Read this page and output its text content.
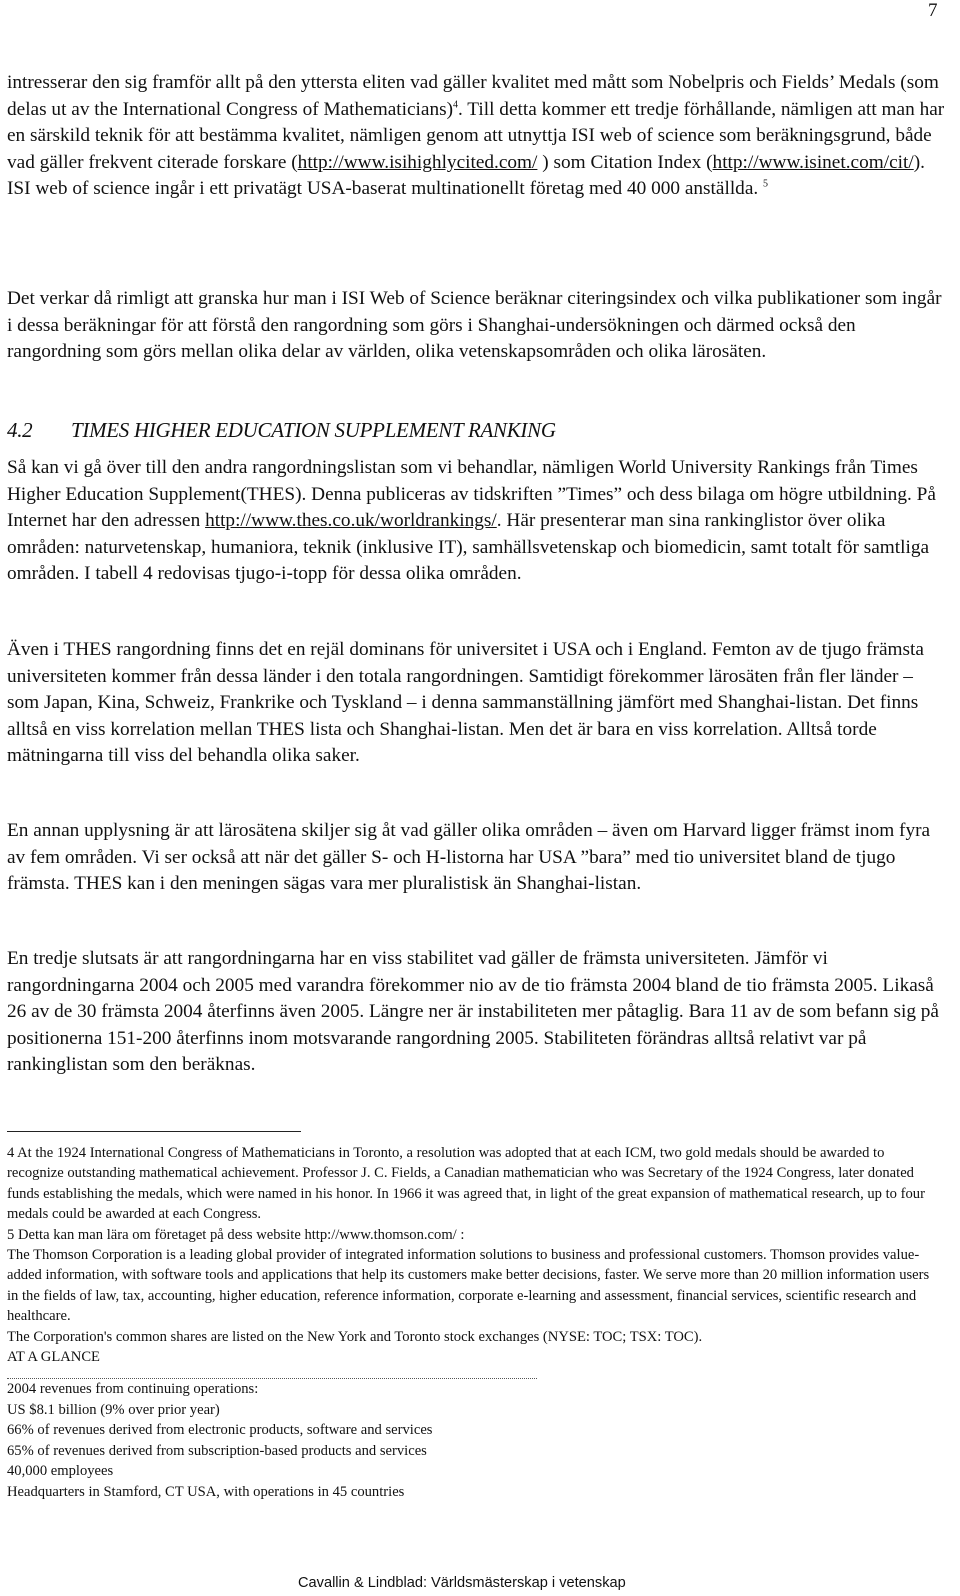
7

intresserar den sig framför allt på den yttersta eliten vad gäller kvalitet med mått som Nobelpris och Fields’ Medals (som delas ut av the International Congress of Mathematicians)$^4$. Till detta kommer ett tredje förhållande, nämligen att man har en särskild teknik för att bestämma kvalitet, nämligen genom att utnyttja ISI web of science som beräkningsgrund, både vad gäller frekvent citerade forskare (http://www.isihighlycited.com/ ) som Citation Index (http://www.isinet.com/cit/). ISI web of science ingår i ett privatägt USA-baserat multinationellt företag med 40 000 anställda. $^5$

Det verkar då rimligt att granska hur man i ISI Web of Science beräknar citeringsindex och vilka publikationer som ingår i dessa beräkningar för att förstå den rangordning som görs i Shanghai-undersökningen och därmed också den rangordning som görs mellan olika delar av världen, olika vetenskapsområden och olika lärosäten.

4.2 TIMES HIGHER EDUCATION SUPPLEMENT RANKING

Så kan vi gå över till den andra rangordningslistan som vi behandlar, nämligen World University Rankings från Times Higher Education Supplement(THES). Denna publiceras av tidskriften ”Times” och dess bilaga om högre utbildning. På Internet har den adressen http://www.thes.co.uk/worldrankings/. Här presenterar man sina rankinglistor över olika områden: naturvetenskap, humaniora, teknik (inklusive IT), samhällsvetenskap och biomedicin, samt totalt för samtliga områden. I tabell 4 redovisas tjugo-i-topp för dessa olika områden.

Även i THES rangordning finns det en rejäl dominans för universitet i USA och i England. Femton av de tjugo främsta universiteten kommer från dessa länder i den totala rangordningen. Samtidigt förekommer lärosäten från fler länder – som Japan, Kina, Schweiz, Frankrike och Tyskland – i denna sammanställning jämfört med Shanghai-listan. Det finns alltså en viss korrelation mellan THES lista och Shanghai-listan. Men det är bara en viss korrelation. Alltså torde mätningarna till viss del behandla olika saker.

En annan upplysning är att lärosätena skiljer sig åt vad gäller olika områden – även om Harvard ligger främst inom fyra av fem områden. Vi ser också att när det gäller S- och H-listorna har USA ”bara” med tio universitet bland de tjugo främsta. THES kan i den meningen sägas vara mer pluralistisk än Shanghai-listan.

En tredje slutsats är att rangordningarna har en viss stabilitet vad gäller de främsta universiteten. Jämför vi rangordningarna 2004 och 2005 med varandra förekommer nio av de tio främsta 2004 bland de tio främsta 2005. Likaså 26 av de 30 främsta 2004 återfinns även 2005. Längre ner är instabiliteten mer påtaglig. Bara 11 av de som befann sig på positionerna 151-200 återfinns inom motsvarande rangordning 2005. Stabiliteten förändras alltså relativt var på rankinglistan som den beräknas.

4 At the 1924 International Congress of Mathematicians in Toronto, a resolution was adopted that at each ICM, two gold medals should be awarded to recognize outstanding mathematical achievement. Professor J. C. Fields, a Canadian mathematician who was Secretary of the 1924 Congress, later donated funds establishing the medals, which were named in his honor. In 1966 it was agreed that, in light of the great expansion of mathematical research, up to four medals could be awarded at each Congress.

5 Detta kan man lära om företaget på dess website http://www.thomson.com/ :

The Thomson Corporation is a leading global provider of integrated information solutions to business and professional customers. Thomson provides value-added information, with software tools and applications that help its customers make better decisions, faster. We serve more than 20 million information users in the fields of law, tax, accounting, higher education, reference information, corporate e-learning and assessment, financial services, scientific research and healthcare.

The Corporation's common shares are listed on the New York and Toronto stock exchanges (NYSE: TOC; TSX: TOC).

AT A GLANCE

2004 revenues from continuing operations:

US $8.1 billion (9% over prior year)

66% of revenues derived from electronic products, software and services

65% of revenues derived from subscription-based products and services

40,000 employees

Headquarters in Stamford, CT USA, with operations in 45 countries

Cavallin & Lindblad: Världsmästerskap i vetenskap
